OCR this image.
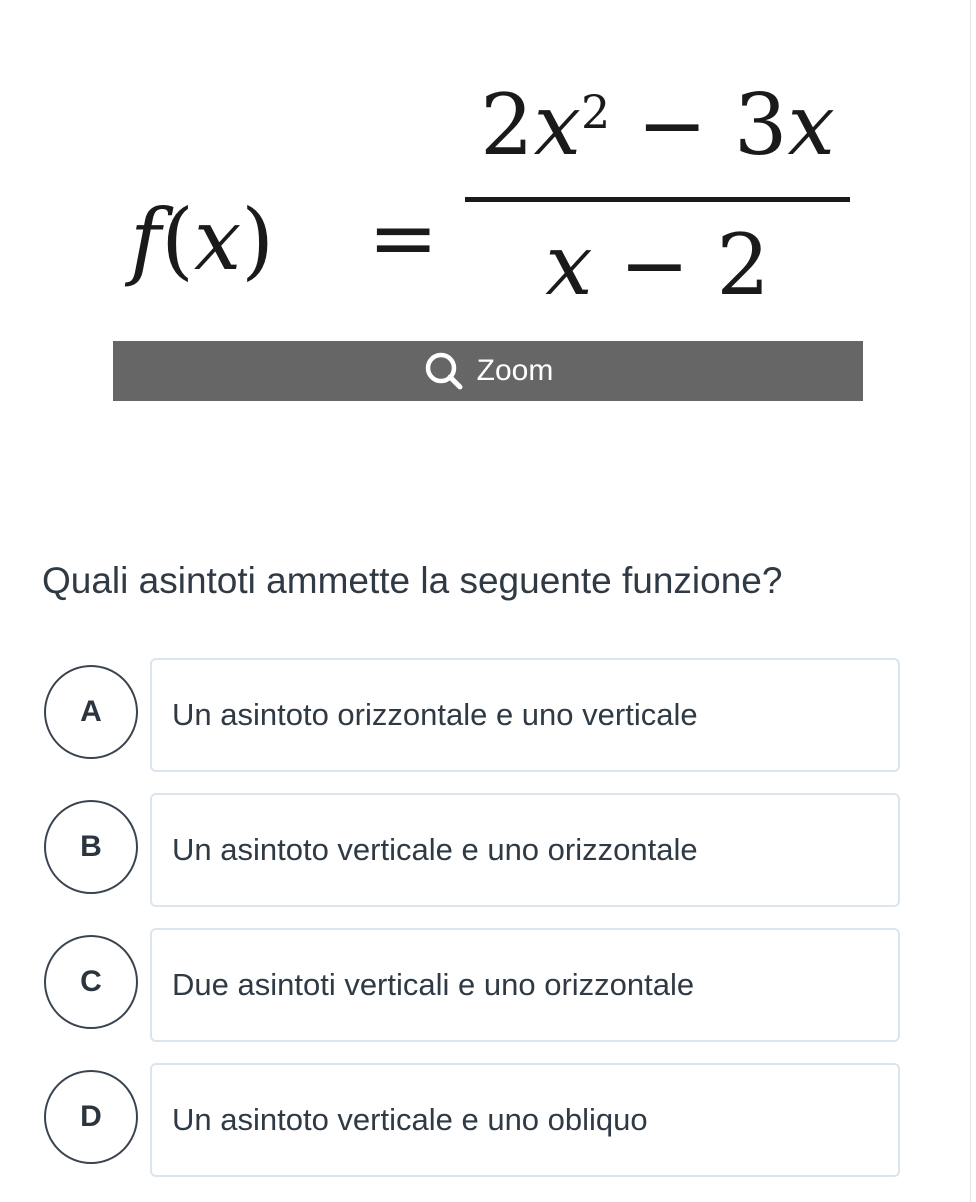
f(x) =
$2x^2 - 3x$
x − 2
Zoom
Quali asintoti ammette la seguente funzione?
A	Un asintoto orizzontale e uno verticale
B	Un asintoto verticale e uno orizzontale
C	Due asintoti verticali e uno orizzontale
D	Un asintoto verticale e uno obliquo
